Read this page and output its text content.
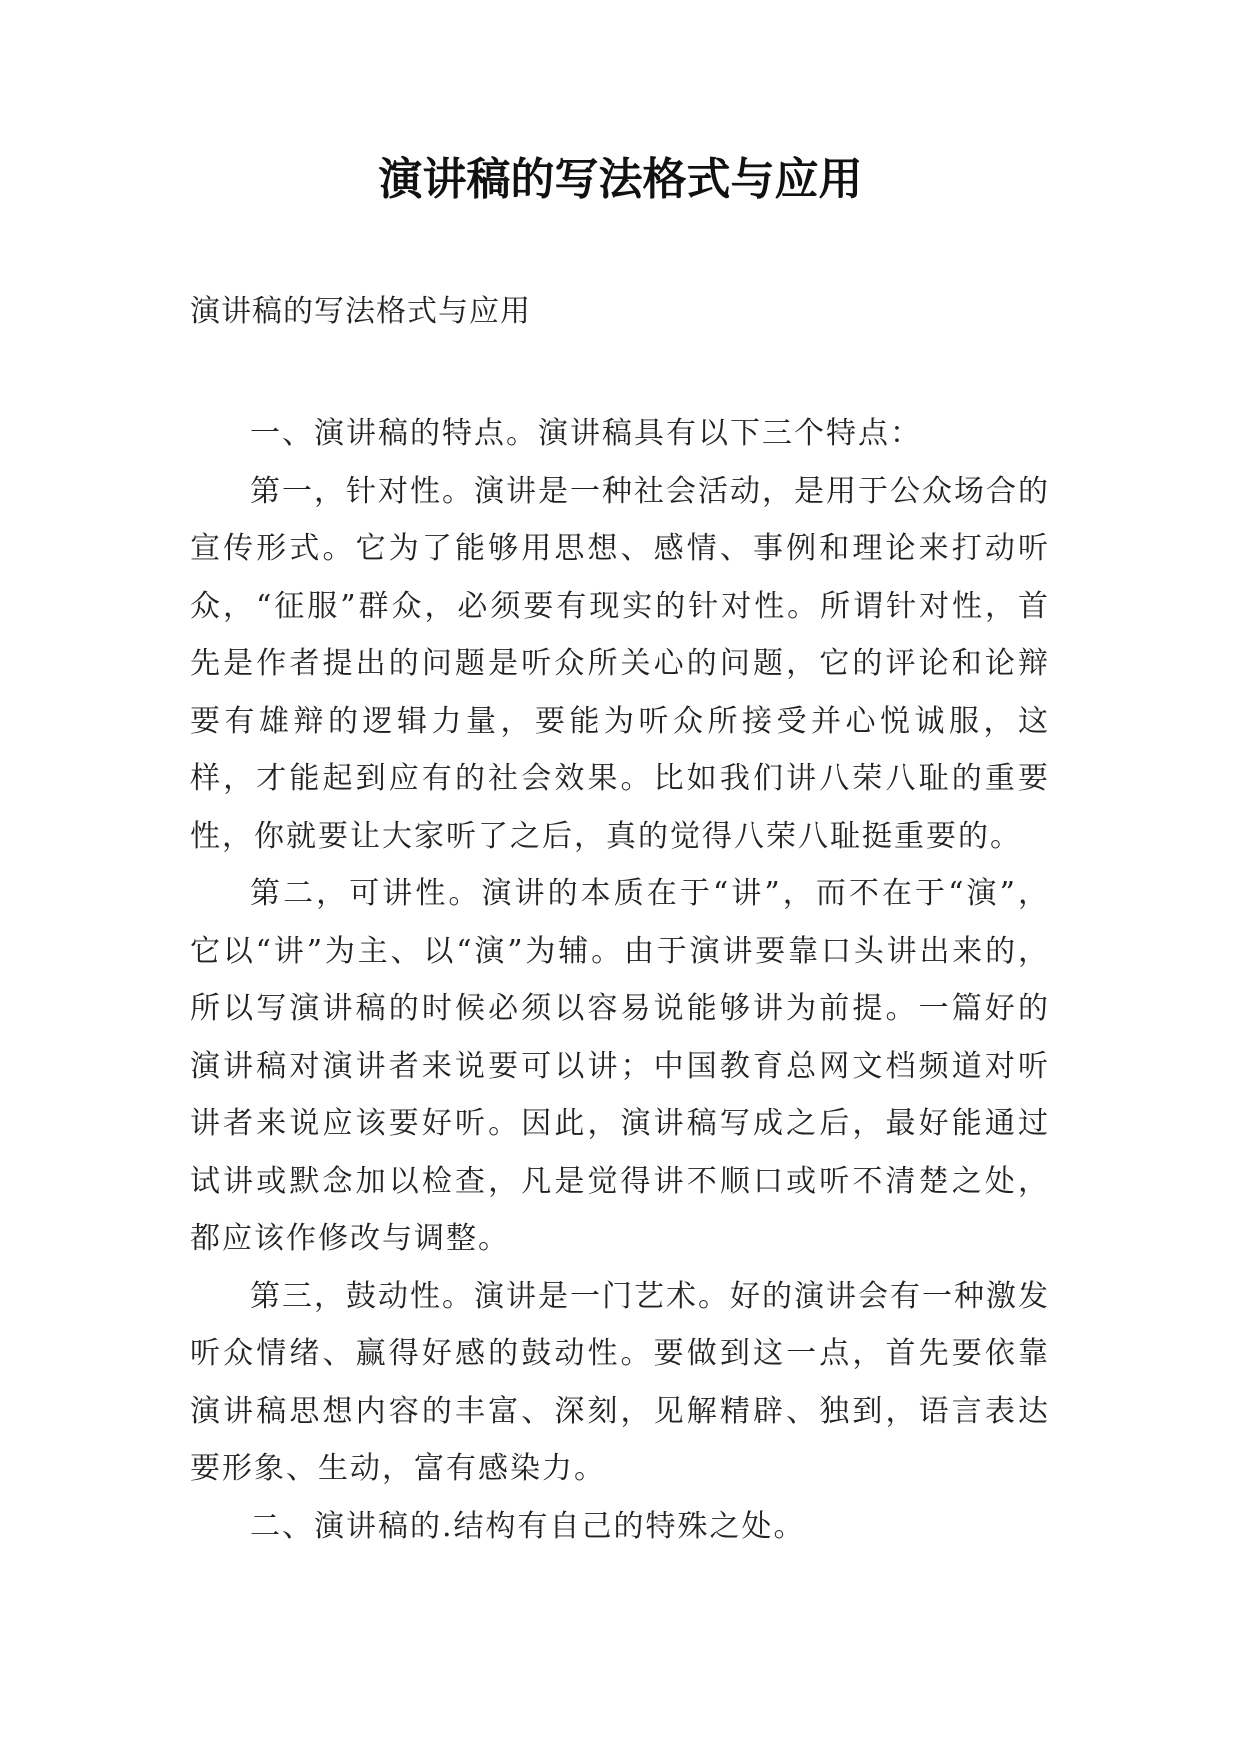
演讲稿的写法格式与应用
演讲稿的写法格式与应用

一、演讲稿的特点。演讲稿具有以下三个特点：

第一，针对性。演讲是一种社会活动，是用于公众场合的宣传形式。它为了能够用思想、感情、事例和理论来打动听众，“征服”群众，必须要有现实的针对性。所谓针对性，首先是作者提出的问题是听众所关心的问题，它的评论和论辩要有雄辩的逻辑力量，要能为听众所接受并心悦诚服，这样，才能起到应有的社会效果。比如我们讲八荣八耻的重要性，你就要让大家听了之后，真的觉得八荣八耻挺重要的。

第二，可讲性。演讲的本质在于“讲”，而不在于“演”，它以“讲”为主、以“演”为辅。由于演讲要靠口头讲出来的，所以写演讲稿的时候必须以容易说能够讲为前提。一篇好的演讲稿对演讲者来说要可以讲；中国教育总网文档频道对听讲者来说应该要好听。因此，演讲稿写成之后，最好能通过试讲或默念加以检查，凡是觉得讲不顺口或听不清楚之处，都应该作修改与调整。

第三，鼓动性。演讲是一门艺术。好的演讲会有一种激发听众情绪、赢得好感的鼓动性。要做到这一点，首先要依靠演讲稿思想内容的丰富、深刻，见解精辟、独到，语言表达要形象、生动，富有感染力。

二、演讲稿的.结构有自己的特殊之处。
